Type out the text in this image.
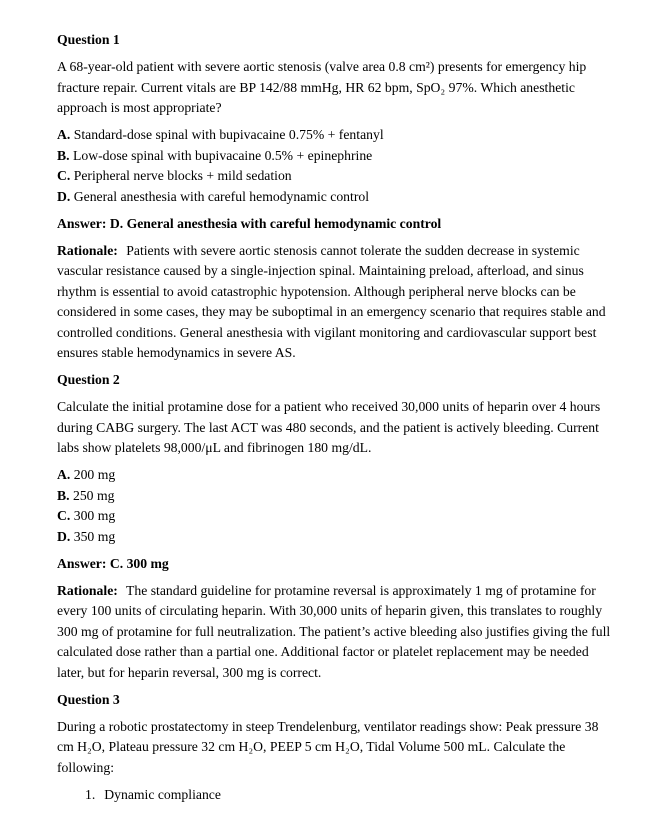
Question 1

A 68-year-old patient with severe aortic stenosis (valve area 0.8 cm²) presents for emergency hip fracture repair. Current vitals are BP 142/88 mmHg, HR 62 bpm, SpO₂ 97%. Which anesthetic approach is most appropriate?

A. Standard-dose spinal with bupivacaine 0.75% + fentanyl
B. Low-dose spinal with bupivacaine 0.5% + epinephrine
C. Peripheral nerve blocks + mild sedation
D. General anesthesia with careful hemodynamic control

Answer: D. General anesthesia with careful hemodynamic control

Rationale: Patients with severe aortic stenosis cannot tolerate the sudden decrease in systemic vascular resistance caused by a single-injection spinal. Maintaining preload, afterload, and sinus rhythm is essential to avoid catastrophic hypotension. Although peripheral nerve blocks can be considered in some cases, they may be suboptimal in an emergency scenario that requires stable and controlled conditions. General anesthesia with vigilant monitoring and cardiovascular support best ensures stable hemodynamics in severe AS.

Question 2

Calculate the initial protamine dose for a patient who received 30,000 units of heparin over 4 hours during CABG surgery. The last ACT was 480 seconds, and the patient is actively bleeding. Current labs show platelets 98,000/μL and fibrinogen 180 mg/dL.

A. 200 mg
B. 250 mg
C. 300 mg
D. 350 mg

Answer: C. 300 mg

Rationale: The standard guideline for protamine reversal is approximately 1 mg of protamine for every 100 units of circulating heparin. With 30,000 units of heparin given, this translates to roughly 300 mg of protamine for full neutralization. The patient’s active bleeding also justifies giving the full calculated dose rather than a partial one. Additional factor or platelet replacement may be needed later, but for heparin reversal, 300 mg is correct.

Question 3

During a robotic prostatectomy in steep Trendelenburg, ventilator readings show: Peak pressure 38 cm H₂O, Plateau pressure 32 cm H₂O, PEEP 5 cm H₂O, Tidal Volume 500 mL. Calculate the following:

1. Dynamic compliance
